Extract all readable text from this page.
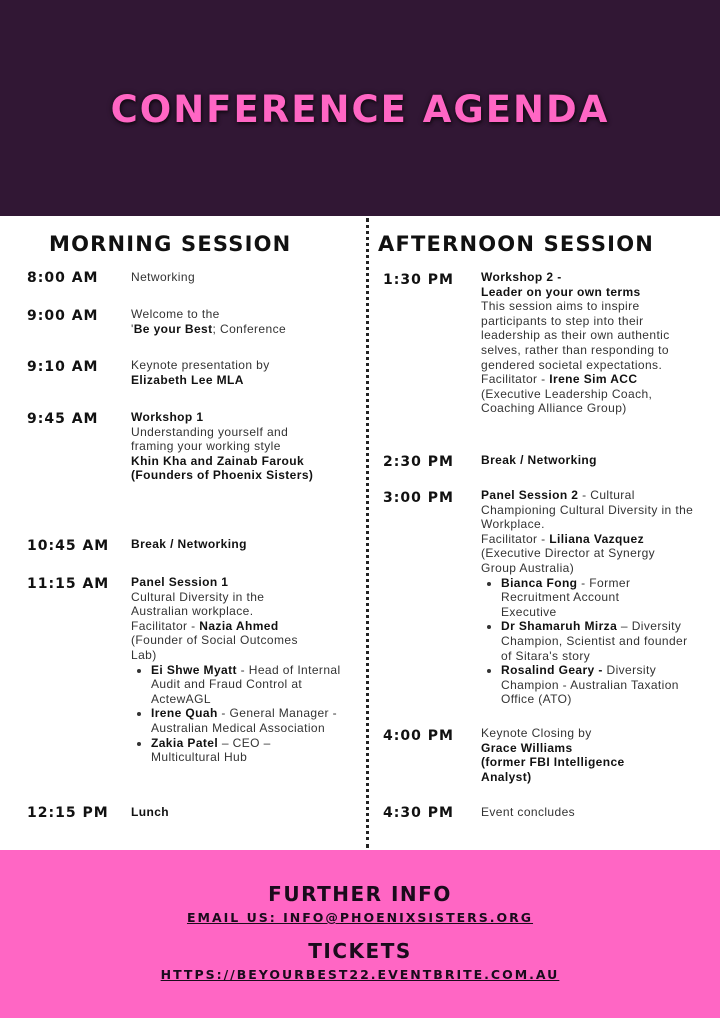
CONFERENCE AGENDA
MORNING SESSION
8:00 AM	Networking
9:00 AM	Welcome to the
'Be your Best; Conference
9:10 AM	Keynote presentation by
Elizabeth Lee MLA
9:45 AM	Workshop 1
Understanding yourself and
framing your working style
Khin Kha and Zainab Farouk
(Founders of Phoenix Sisters)
10:45 AM Break / Networking
11:15 AM Panel Session 1
Cultural Diversity in the
Australian workplace.
Facilitator - Nazia Ahmed
(Founder of Social Outcomes Lab)
• Ei Shwe Myatt - Head of Internal Audit and Fraud Control at ActewAGL
• Irene Quah - General Manager - Australian Medical Association
• Zakia Patel – CEO – Multicultural Hub
12:15 PM Lunch
AFTERNOON SESSION
1:30 PM Workshop 2 -
Leader on your own terms
This session aims to inspire participants to step into their leadership as their own authentic selves, rather than responding to gendered societal expectations.
Facilitator - Irene Sim ACC
(Executive Leadership Coach, Coaching Alliance Group)
2:30 PM Break / Networking
3:00 PM Panel Session 2 - Cultural Championing Cultural Diversity in the Workplace.
Facilitator - Liliana Vazquez
(Executive Director at Synergy Group Australia)
• Bianca Fong - Former Recruitment Account Executive
• Dr Shamaruh Mirza – Diversity Champion, Scientist and founder of Sitara's story
• Rosalind Geary - Diversity Champion - Australian Taxation Office (ATO)
4:00 PM Keynote Closing by
Grace Williams
(former FBI Intelligence Analyst)
4:30 PM Event concludes
FURTHER INFO
EMAIL US: INFO@PHOENIXSISTERS.ORG
TICKETS
HTTPS://BEYOURBEST22.EVENTBRITE.COM.AU
